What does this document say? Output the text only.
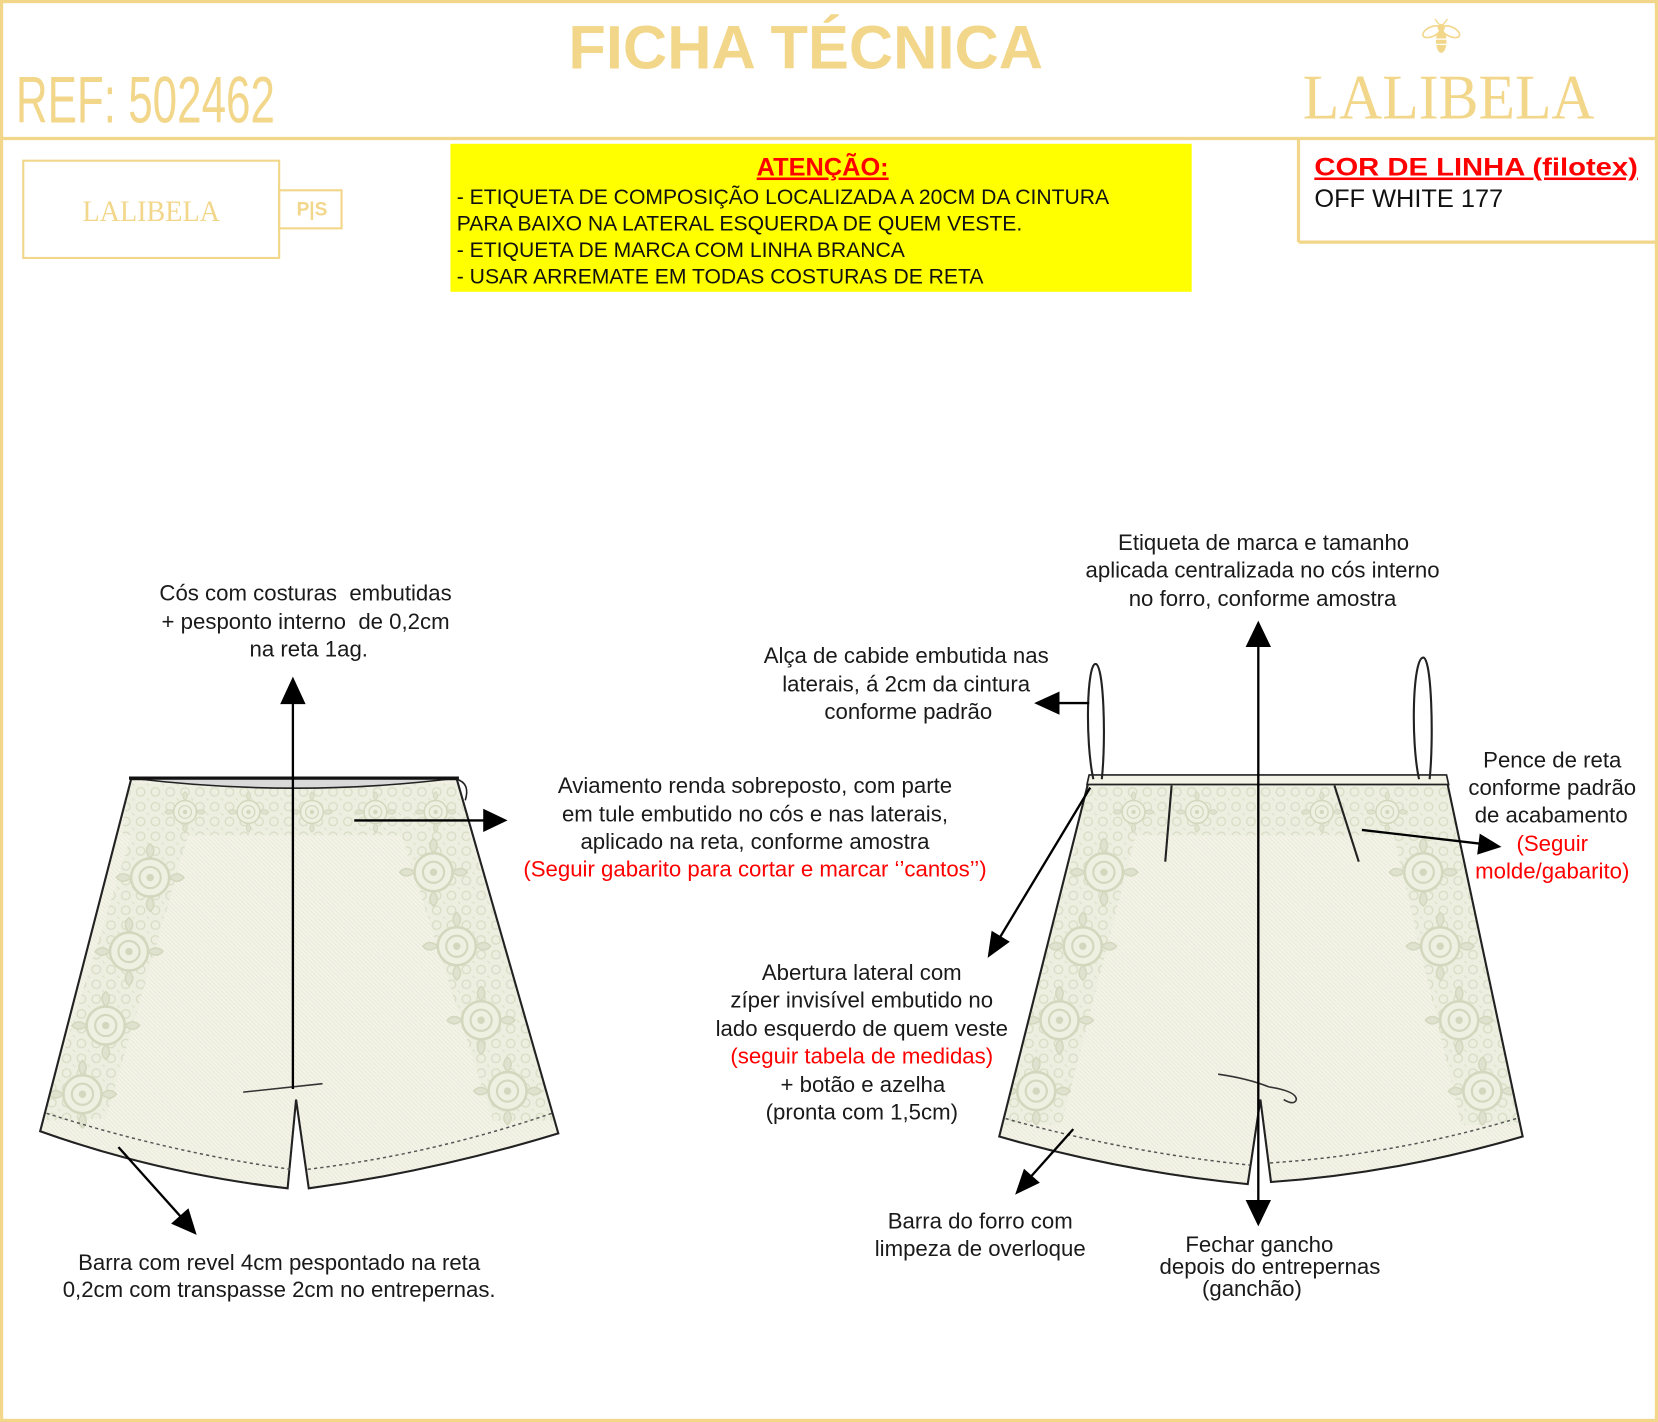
FICHA TÉCNICA
REF: 502462	LALIBELA
LALIBELA	P|S
ATENÇÃO:
- ETIQUETA DE COMPOSIÇÃO LOCALIZADA A 20CM DA CINTURA
PARA BAIXO NA LATERAL ESQUERDA DE QUEM VESTE.
- ETIQUETA DE MARCA COM LINHA BRANCA
- USAR ARREMATE EM TODAS COSTURAS DE RETA
COR DE LINHA (filotex)
OFF WHITE 177
Cós com costuras  embutidas
+ pesponto interno  de 0,2cm
na reta 1ag.
Aviamento renda sobreposto, com parte
em tule embutido no cós e nas laterais,
aplicado na reta, conforme amostra
(Seguir gabarito para cortar e marcar ‘’cantos’’)
Barra com revel 4cm pespontado na reta
0,2cm com transpasse 2cm no entrepernas.
Etiqueta de marca e tamanho
aplicada centralizada no cós interno
no forro, conforme amostra
Alça de cabide embutida nas
laterais, á 2cm da cintura
conforme padrão
Pence de reta
conforme padrão
de acabamento
(Seguir
molde/gabarito)
Abertura lateral com
zíper invisível embutido no
lado esquerdo de quem veste
(seguir tabela de medidas)
+ botão e azelha
(pronta com 1,5cm)
Barra do forro com
limpeza de overloque	Fechar gancho
depois do entrepernas
(ganchão)
